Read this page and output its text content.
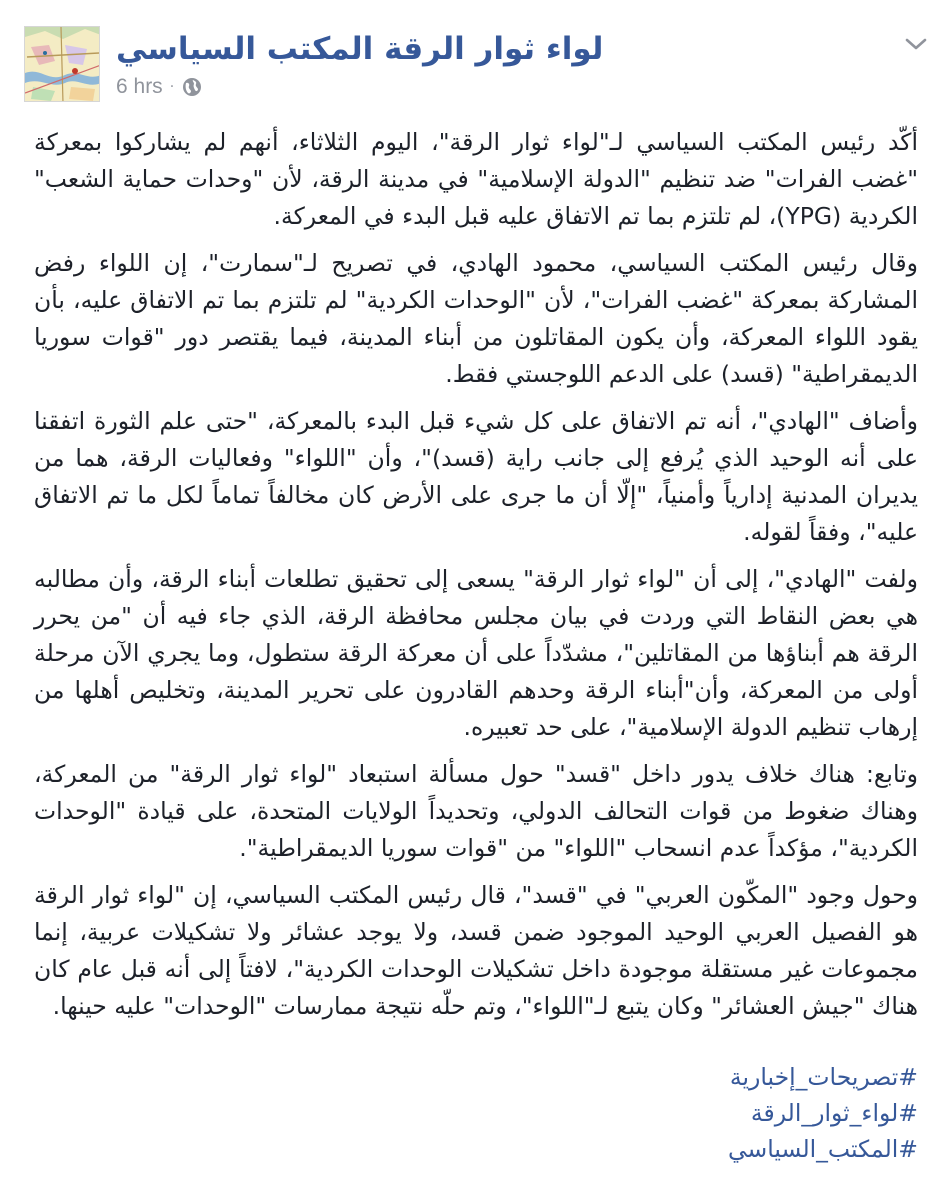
لواء ثوار الرقة المكتب السياسي
6 hrs ·

أكّد رئيس المكتب السياسي لـ"لواء ثوار الرقة"، اليوم الثلاثاء، أنهم لم يشاركوا بمعركة "غضب الفرات" ضد تنظيم "الدولة الإسلامية" في مدينة الرقة، لأن "وحدات حماية الشعب" الكردية (YPG)، لم تلتزم بما تم الاتفاق عليه قبل البدء في المعركة.

وقال رئيس المكتب السياسي، محمود الهادي، في تصريح لـ"سمارت"، إن اللواء رفض المشاركة بمعركة "غضب الفرات"، لأن "الوحدات الكردية" لم تلتزم بما تم الاتفاق عليه، بأن يقود اللواء المعركة، وأن يكون المقاتلون من أبناء المدينة، فيما يقتصر دور "قوات سوريا الديمقراطية" (قسد) على الدعم اللوجستي فقط.

وأضاف "الهادي"، أنه تم الاتفاق على كل شيء قبل البدء بالمعركة، "حتى علم الثورة اتفقنا على أنه الوحيد الذي يُرفع إلى جانب راية (قسد)"، وأن "اللواء" وفعاليات الرقة، هما من يديران المدنية إدارياً وأمنياً، "إلّا أن ما جرى على الأرض كان مخالفاً تماماً لكل ما تم الاتفاق عليه"، وفقاً لقوله.

ولفت "الهادي"، إلى أن "لواء ثوار الرقة" يسعى إلى تحقيق تطلعات أبناء الرقة، وأن مطالبه هي بعض النقاط التي وردت في بيان مجلس محافظة الرقة، الذي جاء فيه أن "من يحرر الرقة هم أبناؤها من المقاتلين"، مشدّداً على أن معركة الرقة ستطول، وما يجري الآن مرحلة أولى من المعركة، وأن"أبناء الرقة وحدهم القادرون على تحرير المدينة، وتخليص أهلها من إرهاب تنظيم الدولة الإسلامية"، على حد تعبيره.

وتابع: هناك خلاف يدور داخل "قسد" حول مسألة استبعاد "لواء ثوار الرقة" من المعركة، وهناك ضغوط من قوات التحالف الدولي، وتحديداً الولايات المتحدة، على قيادة "الوحدات الكردية"، مؤكداً عدم انسحاب "اللواء" من "قوات سوريا الديمقراطية".

وحول وجود "المكّون العربي" في "قسد"، قال رئيس المكتب السياسي، إن "لواء ثوار الرقة هو الفصيل العربي الوحيد الموجود ضمن قسد، ولا يوجد عشائر ولا تشكيلات عربية، إنما مجموعات غير مستقلة موجودة داخل تشكيلات الوحدات الكردية"، لافتاً إلى أنه قبل عام كان هناك "جيش العشائر" وكان يتبع لـ"اللواء"، وتم حلّه نتيجة ممارسات "الوحدات" عليه حينها.

#تصريحات_إخبارية
#لواء_ثوار_الرقة
#المكتب_السياسي
